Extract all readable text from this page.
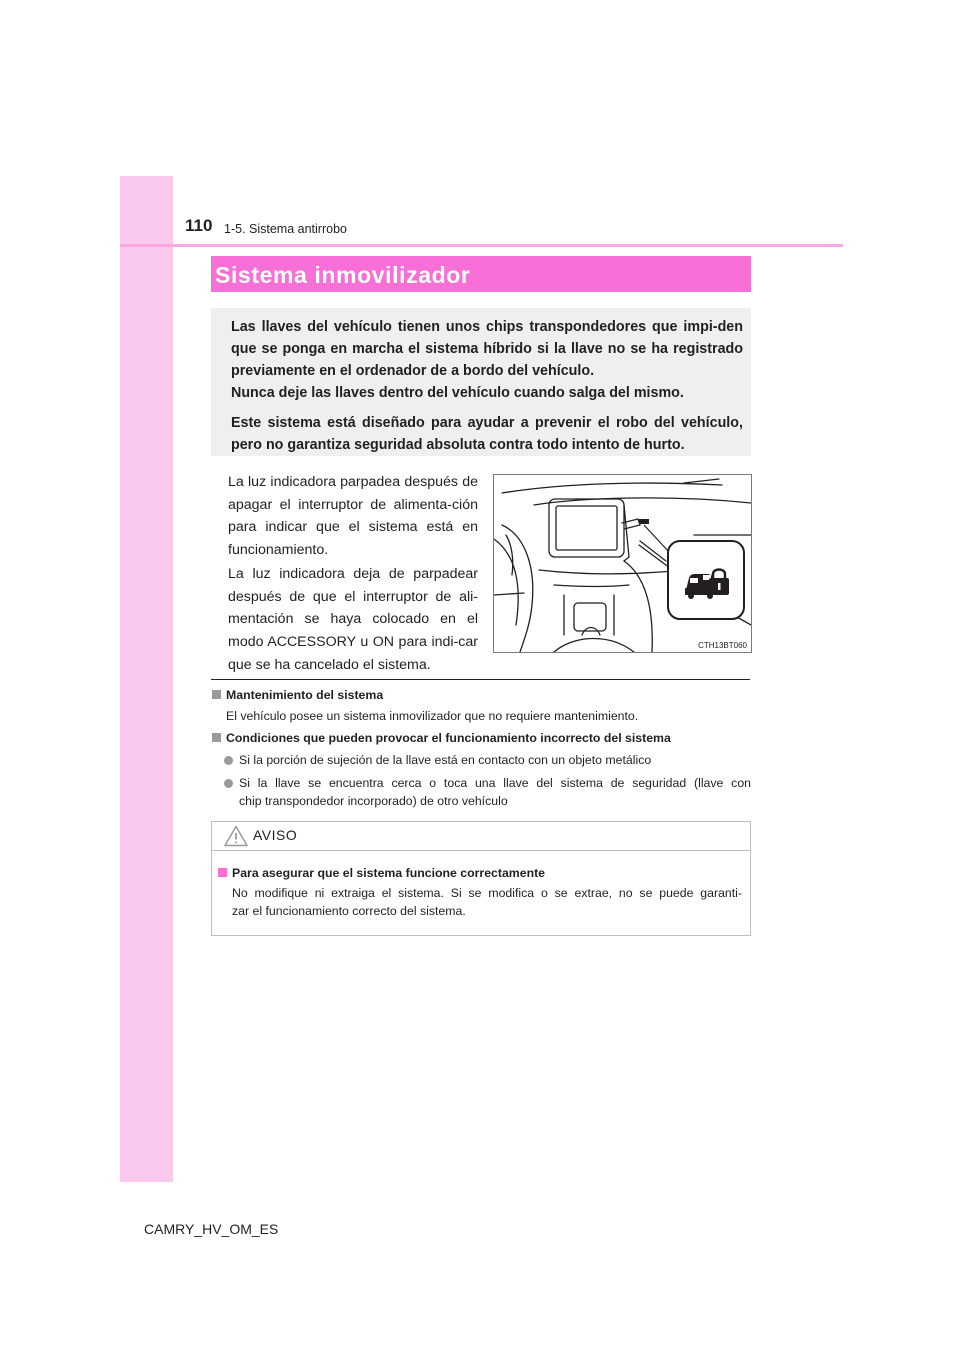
110 1-5. Sistema antirrobo
Sistema inmovilizador

Las llaves del vehículo tienen unos chips transpondedores que impi-den que se ponga en marcha el sistema híbrido si la llave no se ha registrado previamente en el ordenador de a bordo del vehículo.

Nunca deje las llaves dentro del vehículo cuando salga del mismo.

Este sistema está diseñado para ayudar a prevenir el robo del vehículo, pero no garantiza seguridad absoluta contra todo intento de hurto.

La luz indicadora parpadea después de apagar el interruptor de alimenta-ción para indicar que el sistema está en funcionamiento.

La luz indicadora deja de parpadear después de que el interruptor de ali-mentación se haya colocado en el modo ACCESSORY u ON para indi-car que se ha cancelado el sistema.

CTH13BT060
Mantenimiento del sistema
El vehículo posee un sistema inmovilizador que no requiere mantenimiento.
Condiciones que pueden provocar el funcionamiento incorrecto del sistema
Si la porción de sujeción de la llave está en contacto con un objeto metálico
Si la llave se encuentra cerca o toca una llave del sistema de seguridad (llave con
chip transpondedor incorporado) de otro vehículo
AVISO
Para asegurar que el sistema funcione correctamente
No modifique ni extraiga el sistema. Si se modifica o se extrae, no se puede garanti-
zar el funcionamiento correcto del sistema.
CAMRY_HV_OM_ES
